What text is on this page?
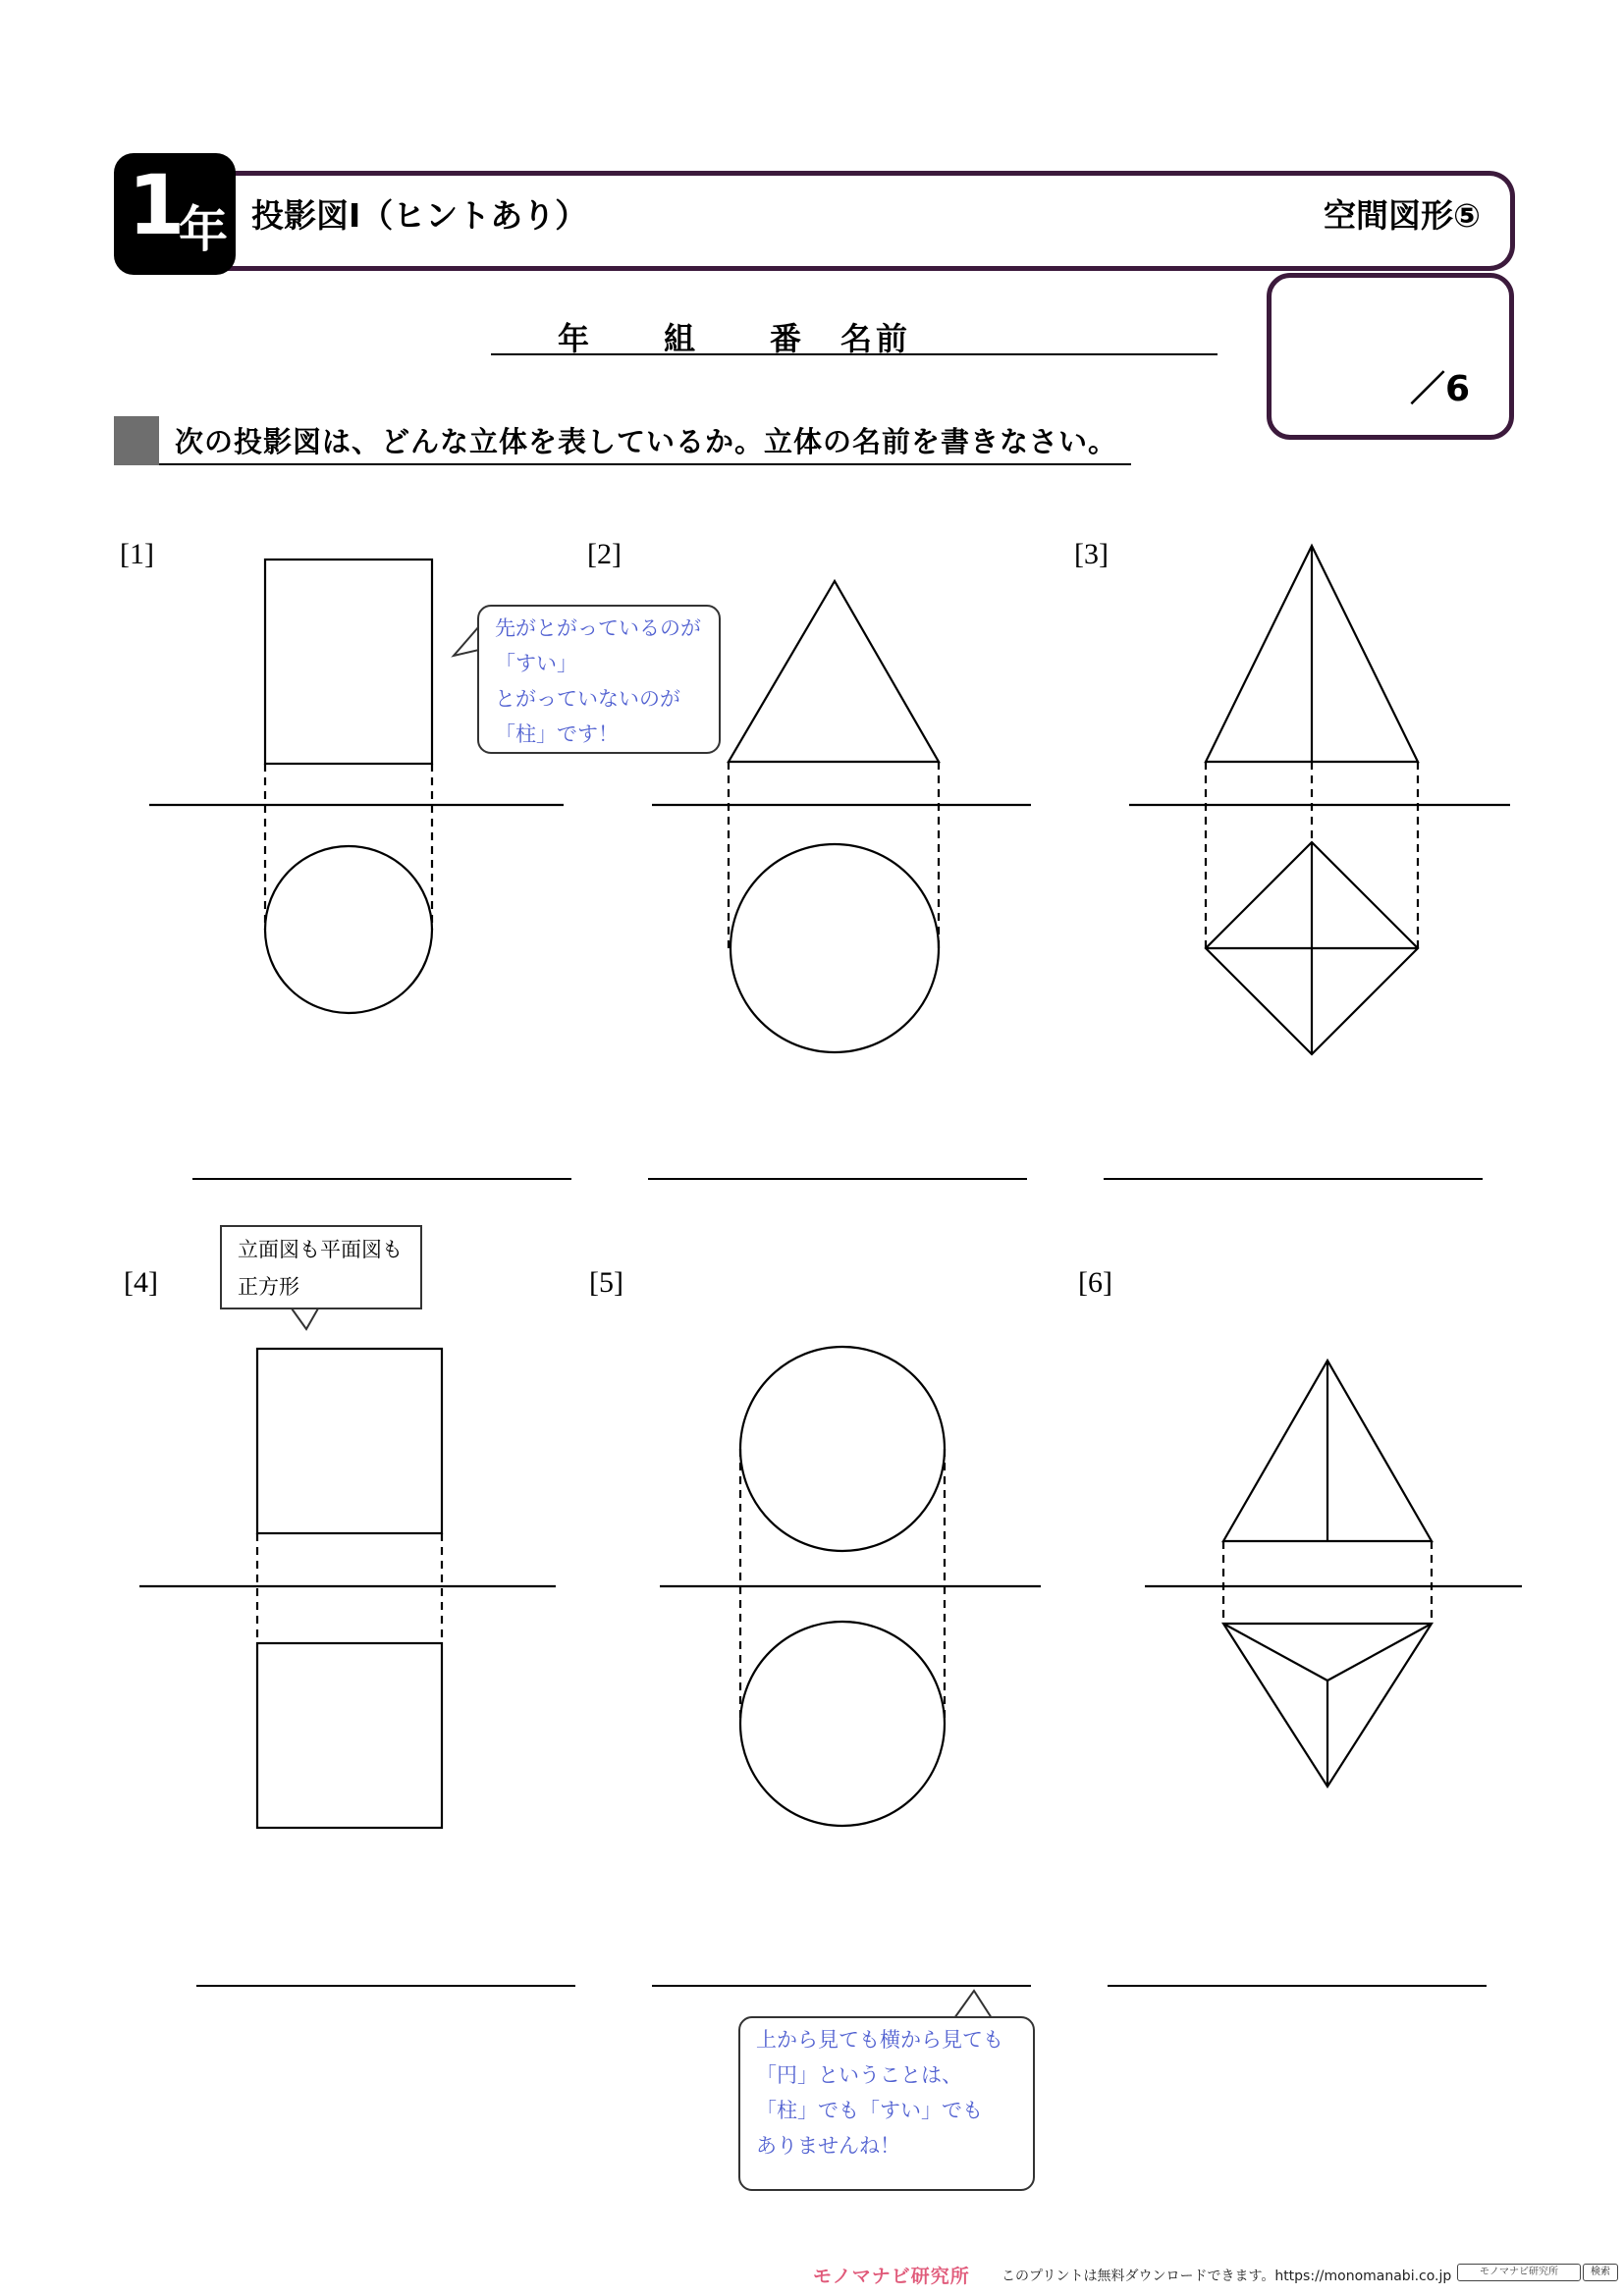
1
年 投影図Ⅰ（ヒントあり）	空間図形⑤
年　　組　　番　名前
／6
次の投影図は、どんな立体を表しているか。立体の名前を書きなさい。
[1]	[2]	[3]
[4]	[5]	[6]
先がとがっているのが
「すい」
とがっていないのが
「柱」です！
立面図も平面図も
正方形
上から見ても横から見ても
「円」ということは、
「柱」でも「すい」でも
ありませんね！
モノマナビ研究所 このプリントは無料ダウンロードできます。https://monomanabi.co.jp	モノマナビ研究所	検索
